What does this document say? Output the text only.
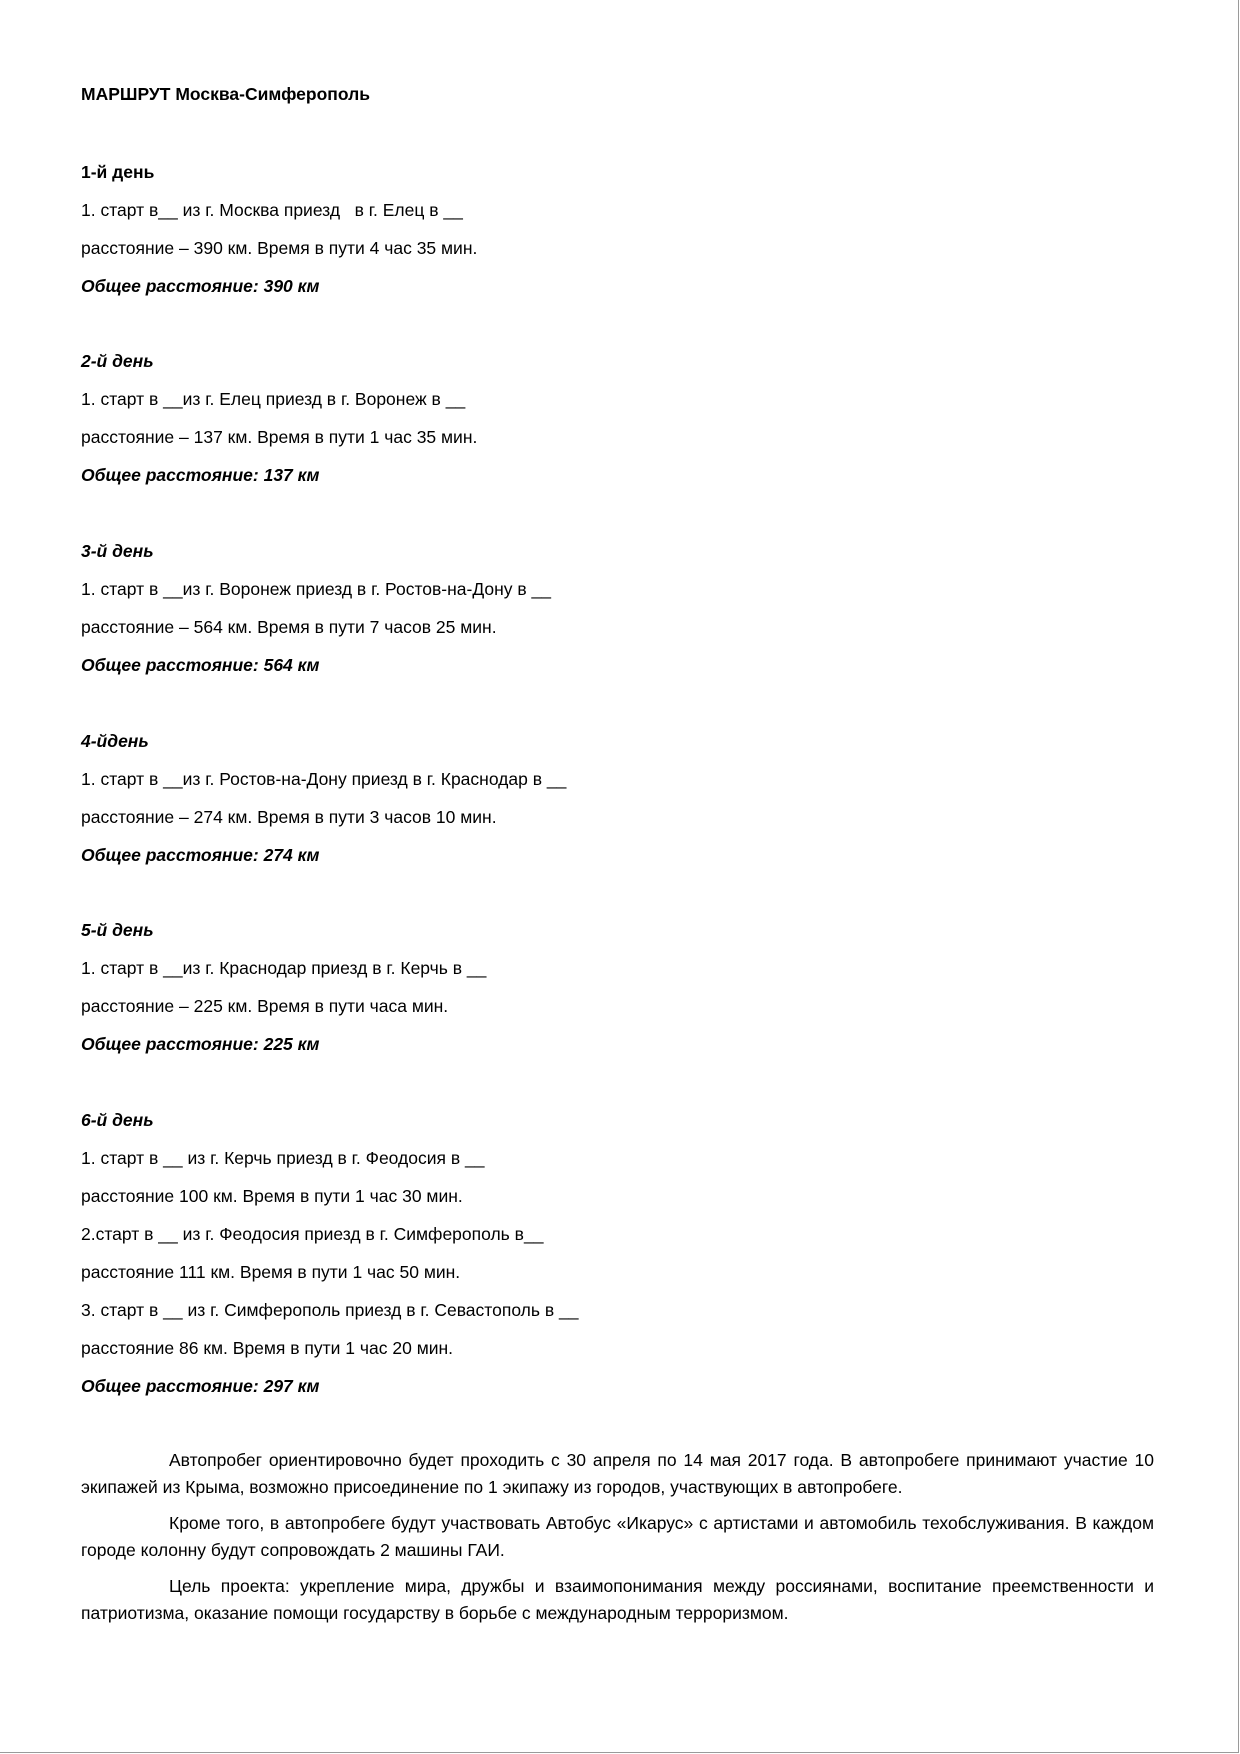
МАРШРУТ Москва-Симферополь
1-й день
1. старт в__ из г. Москва приезд   в г. Елец в __
расстояние – 390 км. Время в пути 4 час 35 мин.
Общее расстояние: 390 км
2-й день
1. старт в __из г. Елец приезд в г. Воронеж в __
расстояние – 137 км. Время в пути 1 час 35 мин.
Общее расстояние: 137 км
3-й день
1. старт в __из г. Воронеж приезд в г. Ростов-на-Дону в __
расстояние – 564 км. Время в пути 7 часов 25 мин.
Общее расстояние: 564 км
4-йдень
1. старт в __из г. Ростов-на-Дону приезд в г. Краснодар в __
расстояние – 274 км. Время в пути 3 часов 10 мин.
Общее расстояние: 274 км
5-й день
1. старт в __из г. Краснодар приезд в г. Керчь в __
расстояние – 225 км. Время в пути часа мин.
Общее расстояние: 225 км
6-й день
1. старт в __ из г. Керчь приезд в г. Феодосия в __
расстояние 100 км. Время в пути 1 час 30 мин.
2.старт в __ из г. Феодосия приезд в г. Симферополь в__
расстояние 111 км. Время в пути 1 час 50 мин.
3. старт в __ из г. Симферополь приезд в г. Севастополь в __
расстояние 86 км. Время в пути 1 час 20 мин.
Общее расстояние: 297 км

Автопробег ориентировочно будет проходить с 30 апреля по 14 мая 2017 года. В автопробеге принимают участие 10 экипажей из Крыма, возможно присоединение по 1 экипажу из городов, участвующих в автопробеге.

Кроме того, в автопробеге будут участвовать Автобус «Икарус» с артистами и автомобиль техобслуживания. В каждом городе колонну будут сопровождать 2 машины ГАИ.

Цель проекта: укрепление мира, дружбы и взаимопонимания между россиянами, воспитание преемственности и патриотизма, оказание помощи государству в борьбе с международным терроризмом.
